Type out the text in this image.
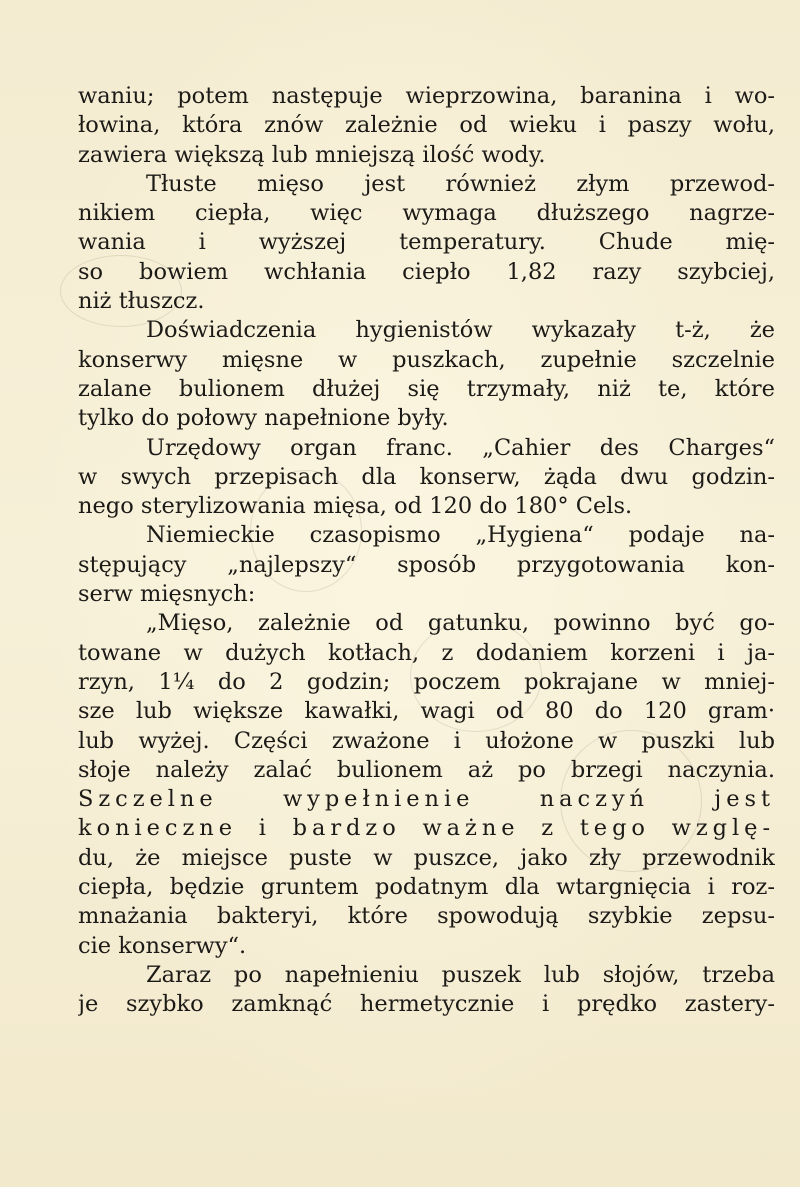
waniu; potem następuje wieprzowina, baranina i wo-
łowina, która znów zależnie od wieku i paszy wołu,
zawiera większą lub mniejszą ilość wody.
Tłuste mięso jest również złym przewod-
nikiem ciepła, więc wymaga dłuższego nagrze-
wania i wyższej temperatury. Chude mię-
so bowiem wchłania ciepło 1,82 razy szybciej,
niż tłuszcz.
Doświadczenia hygienistów wykazały t-ż, że
konserwy mięsne w puszkach, zupełnie szczelnie
zalane bulionem dłużej się trzymały, niż te, które
tylko do połowy napełnione były.
Urzędowy organ franc. „Cahier des Charges“
w swych przepisach dla konserw, żąda dwu godzin-
nego sterylizowania mięsa, od 120 do 180° Cels.
Niemieckie czasopismo „Hygiena“ podaje na-
stępujący „najlepszy“ sposób przygotowania kon-
serw mięsnych:
„Mięso, zależnie od gatunku, powinno być go-
towane w dużych kotłach, z dodaniem korzeni i ja-
rzyn, 1¼ do 2 godzin; poczem pokrajane w mniej-
sze lub większe kawałki, wagi od 80 do 120 gram·
lub wyżej. Części zważone i ułożone w puszki lub
słoje należy zalać bulionem aż po brzegi naczynia.
Szczelne wypełnienie naczyń jest
konieczne i bardzo ważne z tego wzglę-
du, że miejsce puste w puszce, jako zły przewodnik
ciepła, będzie gruntem podatnym dla wtargnięcia i roz-
mnażania bakteryi, które spowodują szybkie zepsu-
cie konserwy“.
Zaraz po napełnieniu puszek lub słojów, trzeba
je szybko zamknąć hermetycznie i prędko zastery-
